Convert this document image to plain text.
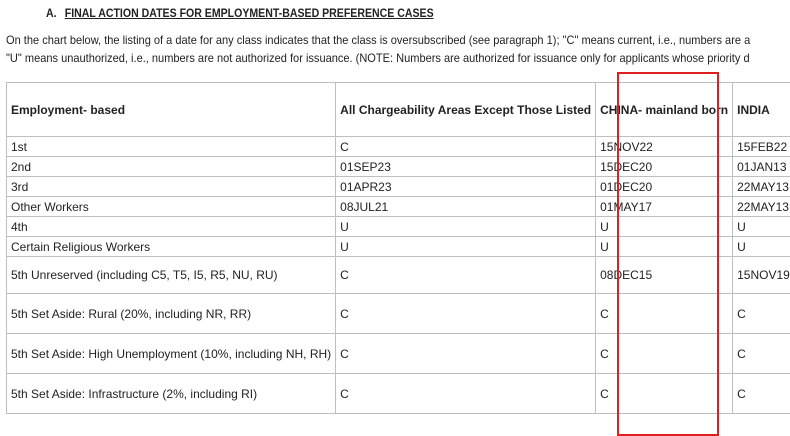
A. FINAL ACTION DATES FOR EMPLOYMENT-BASED PREFERENCE CASES
On the chart below, the listing of a date for any class indicates that the class is oversubscribed (see paragraph 1); "C" means current, i.e., numbers are a
"U" means unauthorized, i.e., numbers are not authorized for issuance. (NOTE: Numbers are authorized for issuance only for applicants whose priority d
Employment- based	All Chargeability Areas Except Those Listed	CHINA- mainland born	INDIA
1st	C	15NOV22	15FEB22
2nd	01SEP23	15DEC20	01JAN13
3rd	01APR23	01DEC20	22MAY13
Other Workers	08JUL21	01MAY17	22MAY13
4th	U	U	U
Certain Religious Workers	U	U	U
5th Unreserved (including C5, T5, I5, R5, NU, RU)	C	08DEC15	15NOV19
5th Set Aside: Rural (20%, including NR, RR)	C	C	C
5th Set Aside: High Unemployment (10%, including NH, RH)	C	C	C
5th Set Aside: Infrastructure (2%, including RI)	C	C	C
